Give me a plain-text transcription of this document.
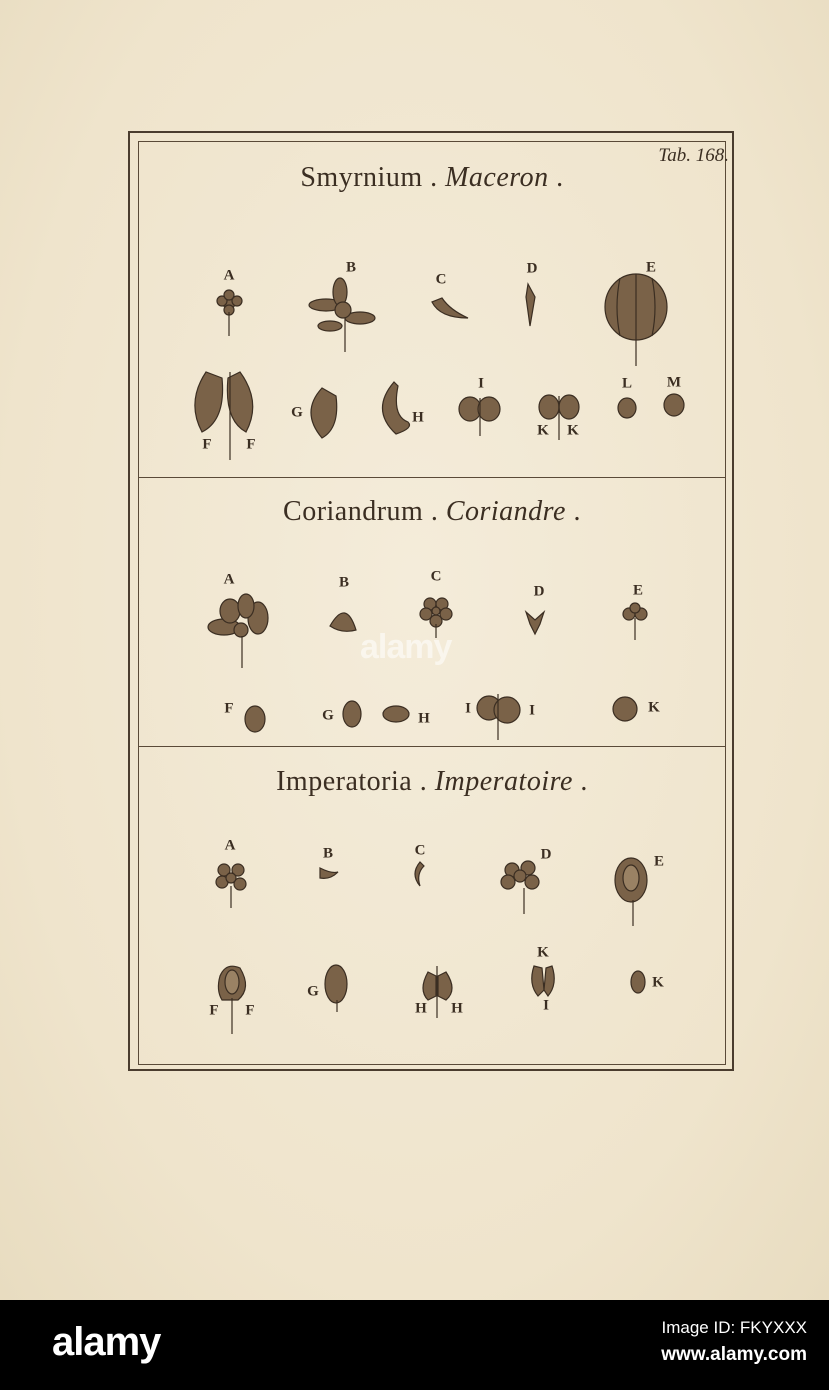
Tab. 168.
Smyrnium . Maceron .
Coriandrum . Coriandre .
Imperatoria . Imperatoire .
A	B
C
D	E
F F
G	H
I
K K
L M
A	B	C
D	E
F	G	H
I	I	K
A	B	C	D	E
F F
G
H H
K
I
K
alamy
alamy	Image ID: FKYXXX
www.alamy.com
